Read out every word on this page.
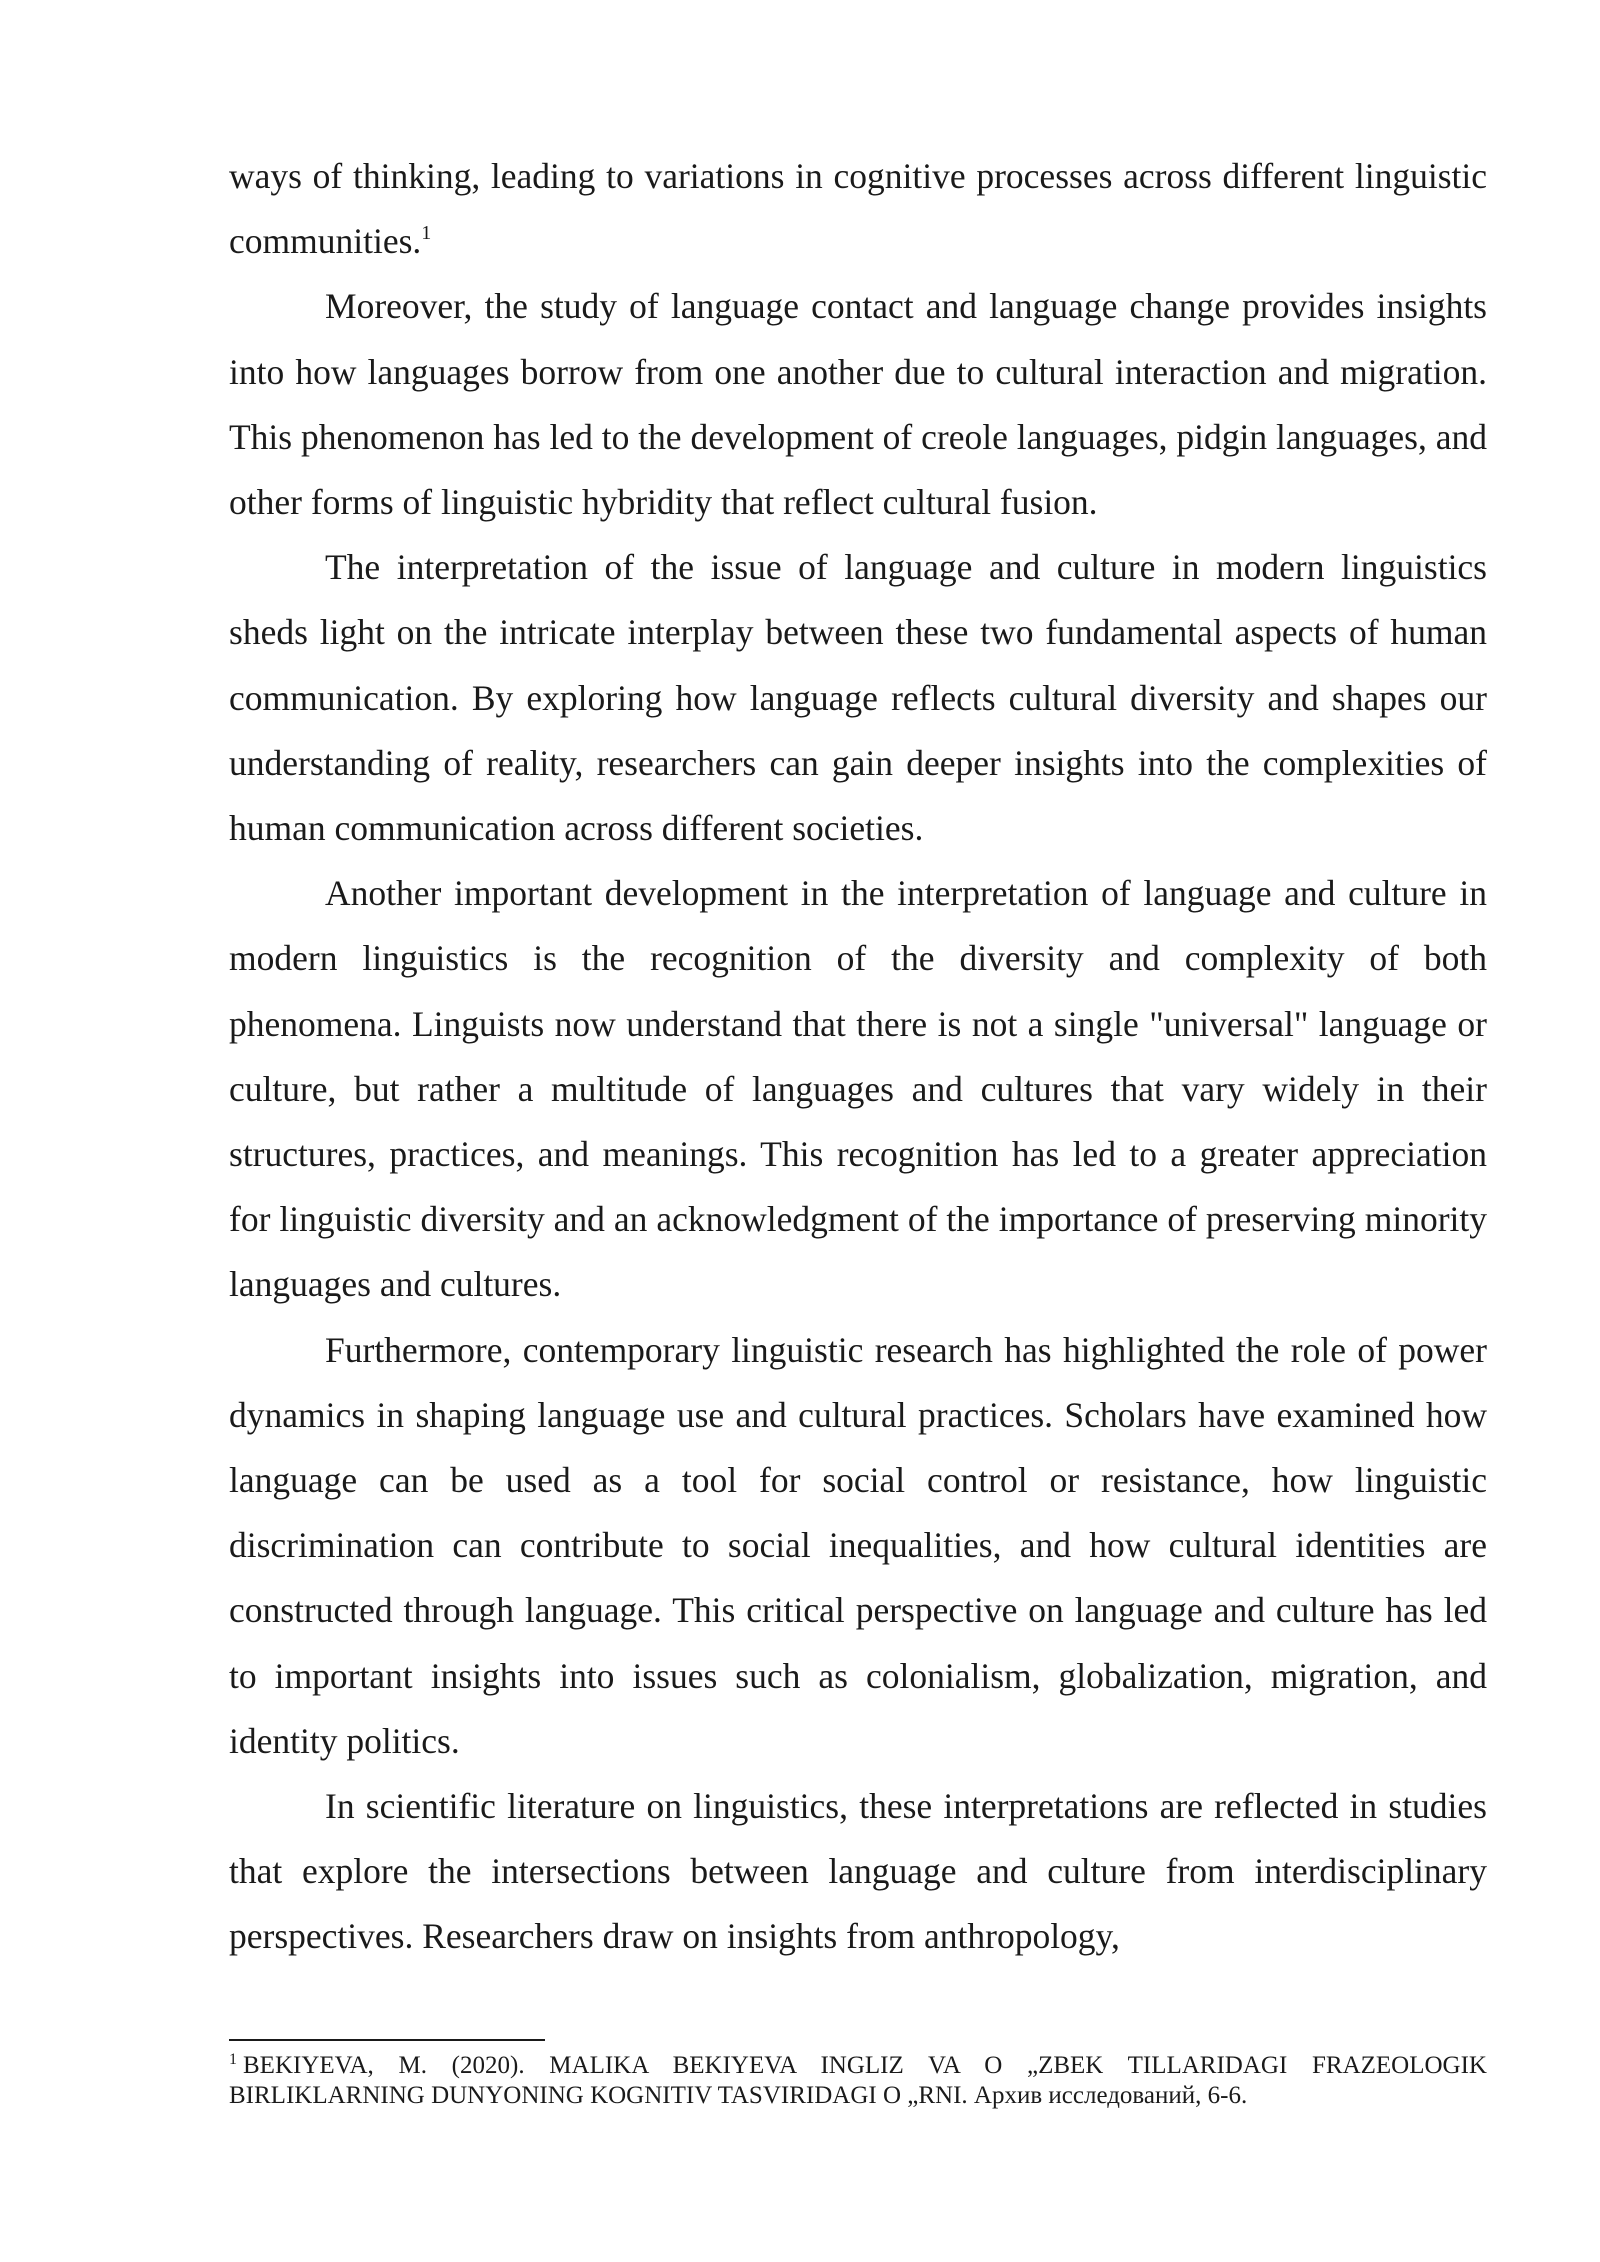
ways of thinking, leading to variations in cognitive processes across different linguistic communities.$^1$

Moreover, the study of language contact and language change provides insights into how languages borrow from one another due to cultural interaction and migration. This phenomenon has led to the development of creole languages, pidgin languages, and other forms of linguistic hybridity that reflect cultural fusion.

The interpretation of the issue of language and culture in modern linguistics sheds light on the intricate interplay between these two fundamental aspects of human communication. By exploring how language reflects cultural diversity and shapes our understanding of reality, researchers can gain deeper insights into the complexities of human communication across different societies.

Another important development in the interpretation of language and culture in modern linguistics is the recognition of the diversity and complexity of both phenomena. Linguists now understand that there is not a single "universal" language or culture, but rather a multitude of languages and cultures that vary widely in their structures, practices, and meanings. This recognition has led to a greater appreciation for linguistic diversity and an acknowledgment of the importance of preserving minority languages and cultures.

Furthermore, contemporary linguistic research has highlighted the role of power dynamics in shaping language use and cultural practices. Scholars have examined how language can be used as a tool for social control or resistance, how linguistic discrimination can contribute to social inequalities, and how cultural identities are constructed through language. This critical perspective on language and culture has led to important insights into issues such as colonialism, globalization, migration, and identity politics.

In scientific literature on linguistics, these interpretations are reflected in studies that explore the intersections between language and culture from interdisciplinary perspectives. Researchers draw on insights from anthropology,

$^1$ BEKIYEVA, M. (2020). MALIKA BEKIYEVA INGLIZ VA O „ZBEK TILLARIDAGI FRAZEOLOGIK BIRLIKLARNING DUNYONING KOGNITIV TASVIRIDAGI O „RNI. Архив исследований, 6-6.
